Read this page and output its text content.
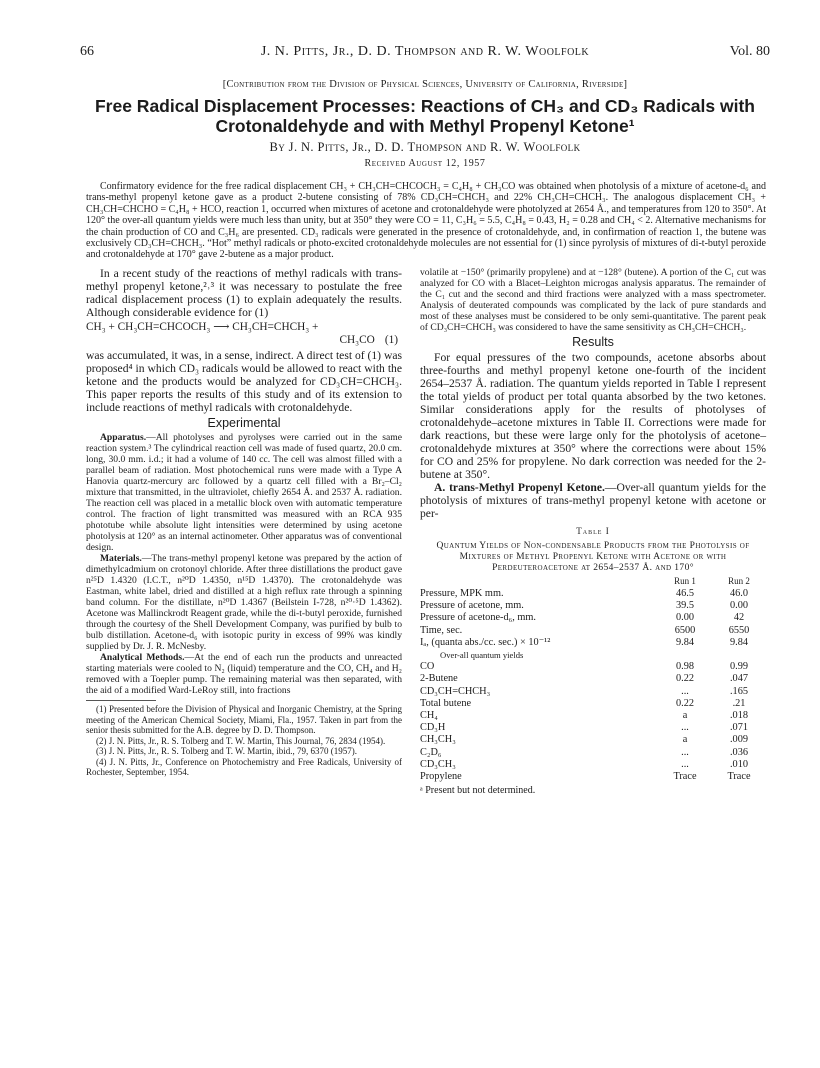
66	J. N. Pitts, Jr., D. D. Thompson and R. W. Woolfolk	Vol. 80
[Contribution from the Division of Physical Sciences, University of California, Riverside]
Free Radical Displacement Processes: Reactions of CH₃ and CD₃ Radicals with
Crotonaldehyde and with Methyl Propenyl Ketone¹
By J. N. Pitts, Jr., D. D. Thompson and R. W. Woolfolk
Received August 12, 1957

Confirmatory evidence for the free radical displacement CH₃ + CH₃CH=CHCOCH₃ = C₄H₈ + CH₃CO was obtained when photolysis of a mixture of acetone-d₆ and trans-methyl propenyl ketone gave as a product 2-butene consisting of 78% CD₃CH=CHCH₃ and 22% CH₃CH=CHCH₃. The analogous displacement CH₃ + CH₃CH=CHCHO = C₄H₈ + HCO, reaction 1, occurred when mixtures of acetone and crotonaldehyde were photolyzed at 2654 Å., and temperatures from 120 to 350°. At 120° the over-all quantum yields were much less than unity, but at 350° they were CO = 11, C₃H₆ = 5.5, C₄H₈ = 0.43, H₂ = 0.28 and CH₄ < 2. Alternative mechanisms for the chain production of CO and C₃H₆ are presented. CD₃ radicals were generated in the presence of crotonaldehyde, and, in confirmation of reaction 1, the butene was exclusively CD₃CH=CHCH₃. “Hot” methyl radicals or photo-excited crotonaldehyde molecules are not essential for (1) since pyrolysis of mixtures of di-t-butyl peroxide and crotonaldehyde at 170° gave 2-butene as a major product.

In a recent study of the reactions of methyl radicals with trans-methyl propenyl ketone,²˒³ it was necessary to postulate the free radical displacement process (1) to explain adequately the results. Although considerable evidence for (1)

CH₃ + CH₃CH=CHCOCH₃ ⟶ CH₃CH=CHCH₃ +
CH₃CO (1)

was accumulated, it was, in a sense, indirect. A direct test of (1) was proposed⁴ in which CD₃ radicals would be allowed to react with the ketone and the products would be analyzed for CD₃CH=CHCH₃. This paper reports the results of this study and of its extension to include reactions of methyl radicals with crotonaldehyde.

Experimental

Apparatus.—All photolyses and pyrolyses were carried out in the same reaction system.³ The cylindrical reaction cell was made of fused quartz, 20.0 cm. long, 30.0 mm. i.d.; it had a volume of 140 cc. The cell was almost filled with a parallel beam of radiation. Most photochemical runs were made with a Type A Hanovia quartz-mercury arc followed by a quartz cell filled with a Br₂–Cl₂ mixture that transmitted, in the ultraviolet, chiefly 2654 Å. and 2537 Å. radiation. The reaction cell was placed in a metallic block oven with automatic temperature control. The fraction of light transmitted was measured with an RCA 935 phototube while absolute light intensities were determined by using acetone photolysis at 120° as an internal actinometer. Other apparatus was of conventional design.

Materials.—The trans-methyl propenyl ketone was prepared by the action of dimethylcadmium on crotonoyl chloride. After three distillations the product gave n²⁵D 1.4320 (I.C.T., n²⁰D 1.4350, n¹⁵D 1.4370). The crotonaldehyde was Eastman, white label, dried and distilled at a high reflux rate through a spinning band column. For the distillate, n²⁰D 1.4367 (Beilstein I-728, n²⁰·⁵D 1.4362). Acetone was Mallinckrodt Reagent grade, while the di-t-butyl peroxide, furnished through the courtesy of the Shell Development Company, was purified by bulb to bulb distillation. Acetone-d₆ with isotopic purity in excess of 99% was kindly supplied by Dr. J. R. McNesby.

Analytical Methods.—At the end of each run the products and unreacted starting materials were cooled to N₂ (liquid) temperature and the CO, CH₄ and H₂ removed with a Toepler pump. The remaining material was then separated, with the aid of a modified Ward-LeRoy still, into fractions

(1) Presented before the Division of Physical and Inorganic Chemistry, at the Spring meeting of the American Chemical Society, Miami, Fla., 1957. Taken in part from the senior thesis submitted for the A.B. degree by D. D. Thompson.

(2) J. N. Pitts, Jr., R. S. Tolberg and T. W. Martin, This Journal, 76, 2834 (1954).

(3) J. N. Pitts, Jr., R. S. Tolberg and T. W. Martin, ibid., 79, 6370 (1957).

(4) J. N. Pitts, Jr., Conference on Photochemistry and Free Radicals, University of Rochester, September, 1954.

volatile at −150° (primarily propylene) and at −128° (butene). A portion of the C₁ cut was analyzed for CO with a Blacet–Leighton microgas analysis apparatus. The remainder of the C₁ cut and the second and third fractions were analyzed with a mass spectrometer. Analysis of deuterated compounds was complicated by the lack of pure standards and most of these analyses must be considered to be only semi-quantitative. The parent peak of CD₃CH=CHCH₃ was considered to have the same sensitivity as CH₃CH=CHCH₃.

Results

For equal pressures of the two compounds, acetone absorbs about three-fourths and methyl propenyl ketone one-fourth of the incident 2654–2537 Å. radiation. The quantum yields reported in Table I represent the total yields of product per total quanta absorbed by the two ketones. Similar considerations apply for the results of photolyses of crotonaldehyde–acetone mixtures in Table II. Corrections were made for dark reactions, but these were large only for the photolysis of acetone–crotonaldehyde mixtures at 350° where the corrections were about 15% for CO and 25% for propylene. No dark correction was needed for the 2-butene at 350°.

A. trans-Methyl Propenyl Ketone.—Over-all quantum yields for the photolysis of mixtures of trans-methyl propenyl ketone with acetone or per-

Table I
Quantum Yields of Non-condensable Products from the Photolysis of Mixtures of Methyl Propenyl Ketone with Acetone or with Perdeuteroacetone at 2654–2537 Å. and 170°
	Run 1	Run 2
Pressure, MPK mm.	46.5	46.0
Pressure of acetone, mm.	39.5	0.00
Pressure of acetone-d₆, mm.	0.00	42
Time, sec.	6500	6550
Iₐ, (quanta abs./cc. sec.) × 10⁻¹²	9.84	9.84
Over-all quantum yields		
CO	0.98	0.99
2-Butene	0.22	.047
CD₃CH=CHCH₃	...	.165
Total butene	0.22	.21
CH₄	a	.018
CD₃H	...	.071
CH₃CH₃	a	.009
C₂D₆	...	.036
CD₃CH₃	...	.010
Propylene	Trace	Trace
ᵃ Present but not determined.
